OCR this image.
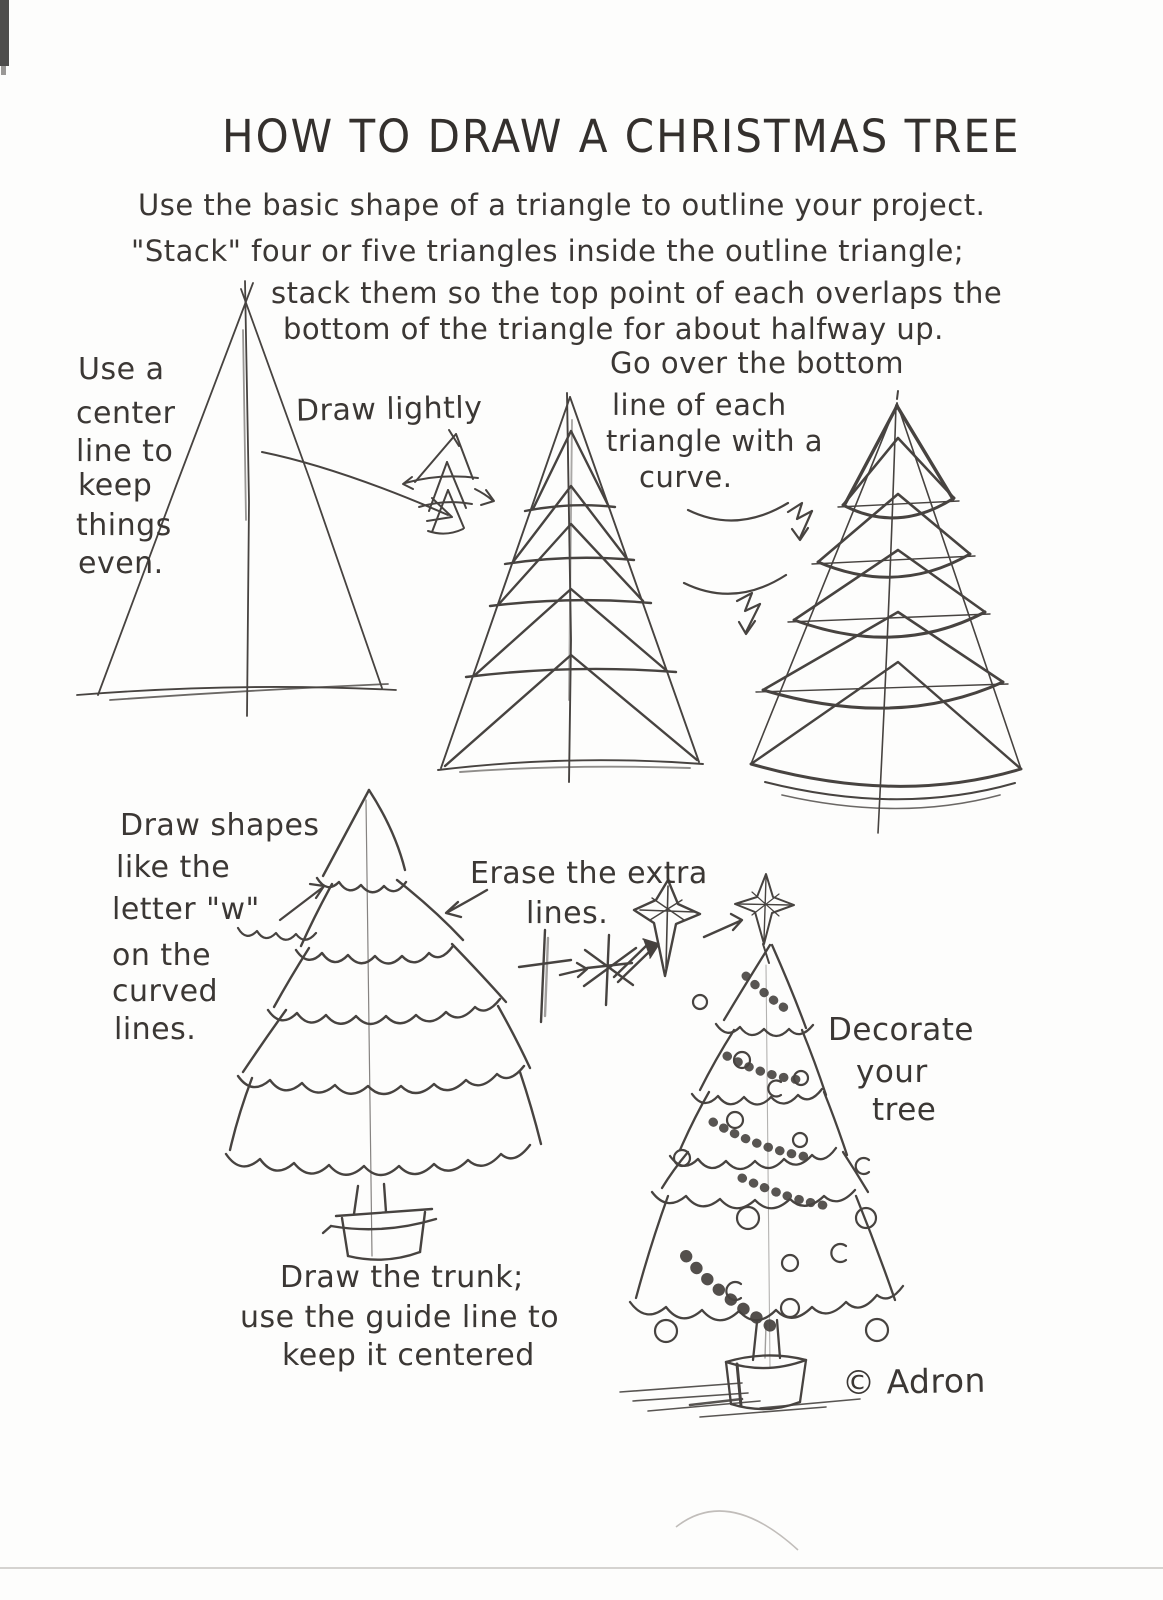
HOW TO DRAW A CHRISTMAS TREE
Use the basic shape of a triangle to outline your project.
"Stack" four or five triangles inside the outline triangle;
stack them so the top point of each overlaps the
bottom of the triangle for about halfway up.
Use a
center
line to
keep
things
even.
Draw lightly
Go over the bottom
line of each
triangle with a
curve.
Draw shapes
like the
letter "w"
on the
curved
lines.
Erase the extra
lines.
Decorate
your
tree
Draw the trunk;
use the guide line to
keep it centered
© Adron
